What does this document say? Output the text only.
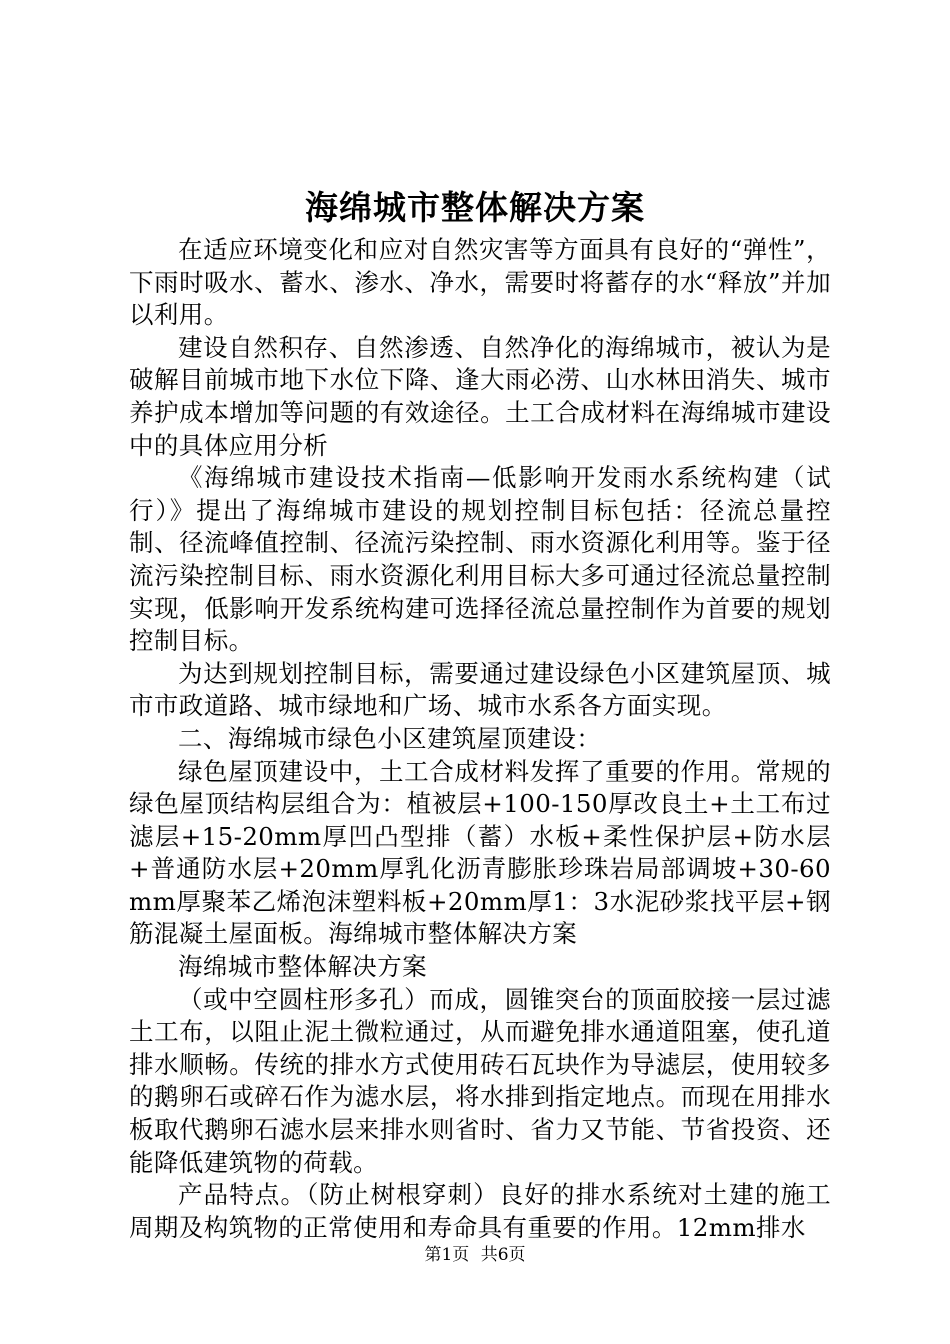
海绵城市整体解决方案

在适应环境变化和应对自然灾害等方面具有良好的“弹性”，下雨时吸水、蓄水、渗水、净水，需要时将蓄存的水“释放”并加以利用。

建设自然积存、自然渗透、自然净化的海绵城市，被认为是破解目前城市地下水位下降、逢大雨必涝、山水林田消失、城市养护成本增加等问题的有效途径。土工合成材料在海绵城市建设中的具体应用分析

《海绵城市建设技术指南—低影响开发雨水系统构建（试行）》提出了海绵城市建设的规划控制目标包括：径流总量控制、径流峰值控制、径流污染控制、雨水资源化利用等。鉴于径流污染控制目标、雨水资源化利用目标大多可通过径流总量控制实现，低影响开发系统构建可选择径流总量控制作为首要的规划控制目标。

为达到规划控制目标，需要通过建设绿色小区建筑屋顶、城市市政道路、城市绿地和广场、城市水系各方面实现。

二、海绵城市绿色小区建筑屋顶建设：

绿色屋顶建设中，土工合成材料发挥了重要的作用。常规的绿色屋顶结构层组合为：植被层+100-150厚改良土+土工布过滤层+15-20mm厚凹凸型排（蓄）水板+柔性保护层+防水层+普通防水层+20mm厚乳化沥青膨胀珍珠岩局部调坡+30-60mm厚聚苯乙烯泡沫塑料板+20mm厚1：3水泥砂浆找平层+钢筋混凝土屋面板。海绵城市整体解决方案

海绵城市整体解决方案

（或中空圆柱形多孔）而成，圆锥突台的顶面胶接一层过滤土工布，以阻止泥土微粒通过，从而避免排水通道阻塞，使孔道排水顺畅。传统的排水方式使用砖石瓦块作为导滤层，使用较多的鹅卵石或碎石作为滤水层，将水排到指定地点。而现在用排水板取代鹅卵石滤水层来排水则省时、省力又节能、节省投资、还能降低建筑物的荷载。

产品特点。（防止树根穿刺）良好的排水系统对土建的施工周期及构筑物的正常使用和寿命具有重要的作用。12mm排水

第1页 共6页
